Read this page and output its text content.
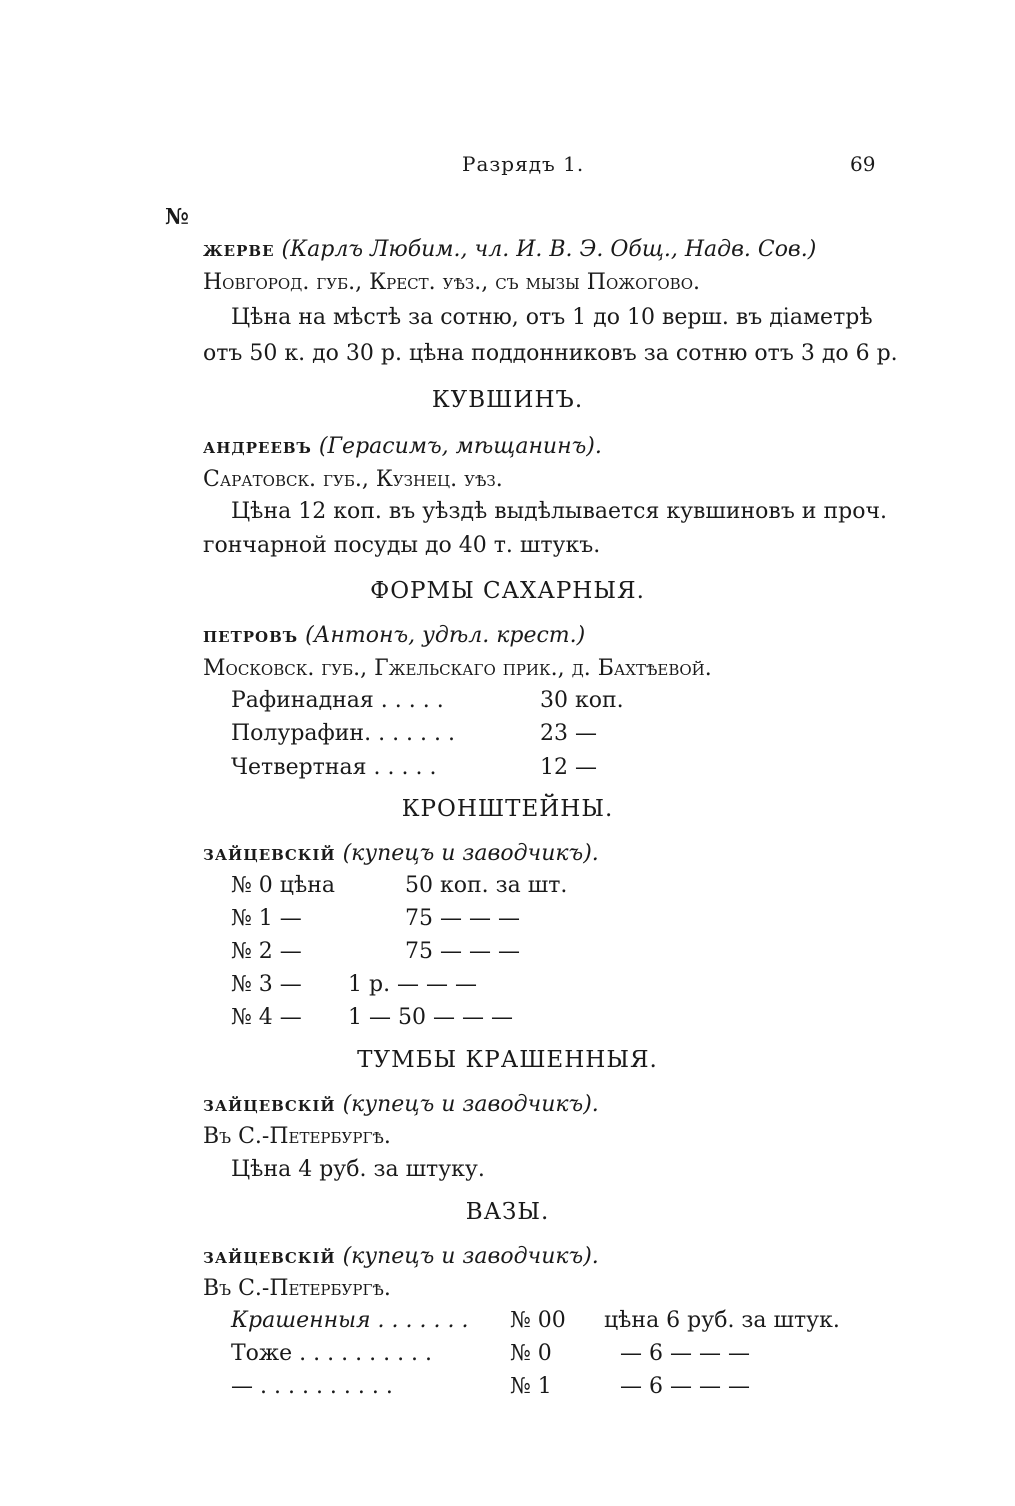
Разрядъ 1.	69
№
жерве (Карлъ Любим., чл. И. В. Э. Общ., Надв. Сов.)
Новгород. губ., Крест. уѣз., съ мызы Пожогово.
Цѣна на мѣстѣ за сотню, отъ 1 до 10 верш. въ діаметрѣ
отъ 50 к. до 30 р. цѣна поддонниковъ за сотню отъ 3 до 6 р.
КУВШИНЪ.
андреевъ (Герасимъ, мѣщанинъ).
Саратовск. губ., Кузнец. уѣз.
Цѣна 12 коп. въ уѣздѣ выдѣлывается кувшиновъ и проч.
гончарной посуды до 40 т. штукъ.
ФОРМЫ САХАРНЫЯ.
петровъ (Антонъ, удѣл. крест.)
Московск. губ., Гжельскаго прик., д. Бахтѣевой.
Рафинадная . . . . .	30 коп.
Полурафин. . . . . . .	23 —
Четвертная . . . . .	12 —
КРОНШТЕЙНЫ.
зайцевскій (купецъ и заводчикъ).
№ 0 цѣна	50 коп. за шт.
№ 1 —	75 — — —
№ 2 —	75 — — —
№ 3 — 1 р. — — —
№ 4 — 1 — 50 — — —
ТУМБЫ КРАШЕННЫЯ.
зайцевскій (купецъ и заводчикъ).
Въ С.-Петербургѣ.
Цѣна 4 руб. за штуку.
ВАЗЫ.
зайцевскій (купецъ и заводчикъ).
Въ С.-Петербургѣ.
Крашенныя . . . . . . . № 00 цѣна 6 руб. за штук.
Тоже . . . . . . . . . .	№ 0	— 6 — — —
— . . . . . . . . . .	№ 1	— 6 — — —
